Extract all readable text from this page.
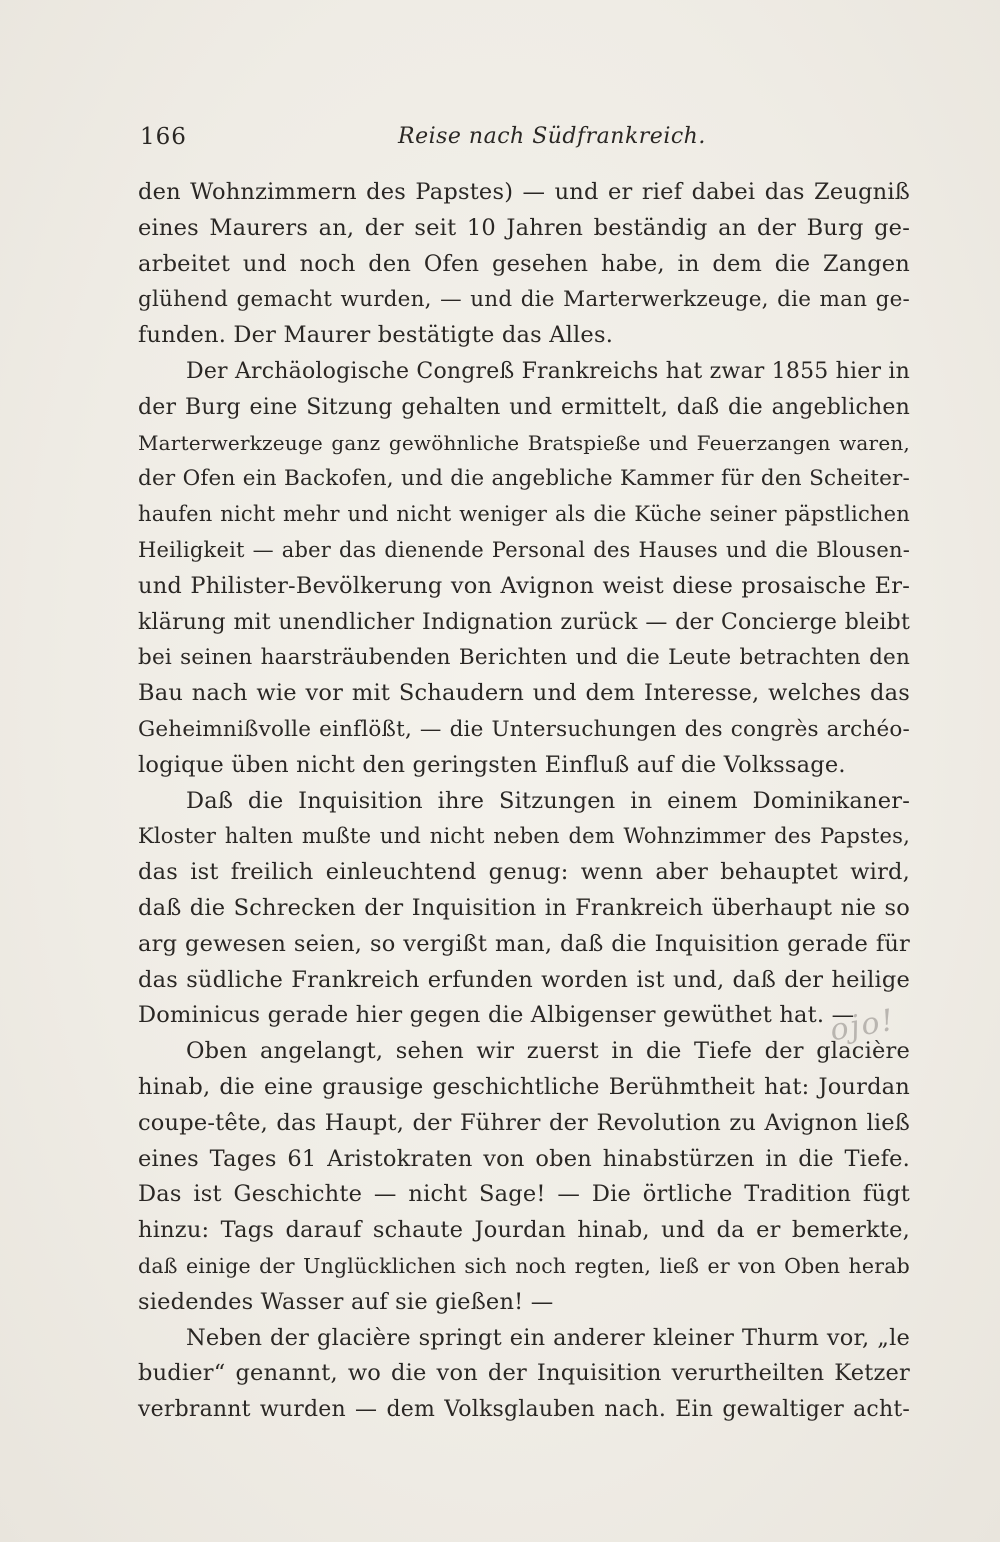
166	Reise nach Südfrankreich.
den Wohnzimmern des Papstes) — und er rief dabei das Zeugniß
eines Maurers an, der seit 10 Jahren beständig an der Burg ge-
arbeitet und noch den Ofen gesehen habe, in dem die Zangen
glühend gemacht wurden, — und die Marterwerkzeuge, die man ge-
funden. Der Maurer bestätigte das Alles.
Der Archäologische Congreß Frankreichs hat zwar 1855 hier in
der Burg eine Sitzung gehalten und ermittelt, daß die angeblichen
Marterwerkzeuge ganz gewöhnliche Bratspieße und Feuerzangen waren,
der Ofen ein Backofen, und die angebliche Kammer für den Scheiter-
haufen nicht mehr und nicht weniger als die Küche seiner päpstlichen
Heiligkeit — aber das dienende Personal des Hauses und die Blousen-
und Philister-Bevölkerung von Avignon weist diese prosaische Er-
klärung mit unendlicher Indignation zurück — der Concierge bleibt
bei seinen haarsträubenden Berichten und die Leute betrachten den
Bau nach wie vor mit Schaudern und dem Interesse, welches das
Geheimnißvolle einflößt, — die Untersuchungen des congrès archéo-
logique üben nicht den geringsten Einfluß auf die Volkssage.
Daß die Inquisition ihre Sitzungen in einem Dominikaner-
Kloster halten mußte und nicht neben dem Wohnzimmer des Papstes,
das ist freilich einleuchtend genug: wenn aber behauptet wird,
daß die Schrecken der Inquisition in Frankreich überhaupt nie so
arg gewesen seien, so vergißt man, daß die Inquisition gerade für
das südliche Frankreich erfunden worden ist und, daß der heilige
Dominicus gerade hier gegen die Albigenser gewüthet hat. —
Oben angelangt, sehen wir zuerst in die Tiefe der glacière
hinab, die eine grausige geschichtliche Berühmtheit hat: Jourdan
coupe-tête, das Haupt, der Führer der Revolution zu Avignon ließ
eines Tages 61 Aristokraten von oben hinabstürzen in die Tiefe.
Das ist Geschichte — nicht Sage! — Die örtliche Tradition fügt
hinzu: Tags darauf schaute Jourdan hinab, und da er bemerkte,
daß einige der Unglücklichen sich noch regten, ließ er von Oben herab
siedendes Wasser auf sie gießen! —
Neben der glacière springt ein anderer kleiner Thurm vor, „le
budier“ genannt, wo die von der Inquisition verurtheilten Ketzer
verbrannt wurden — dem Volksglauben nach. Ein gewaltiger acht-
ojo!
